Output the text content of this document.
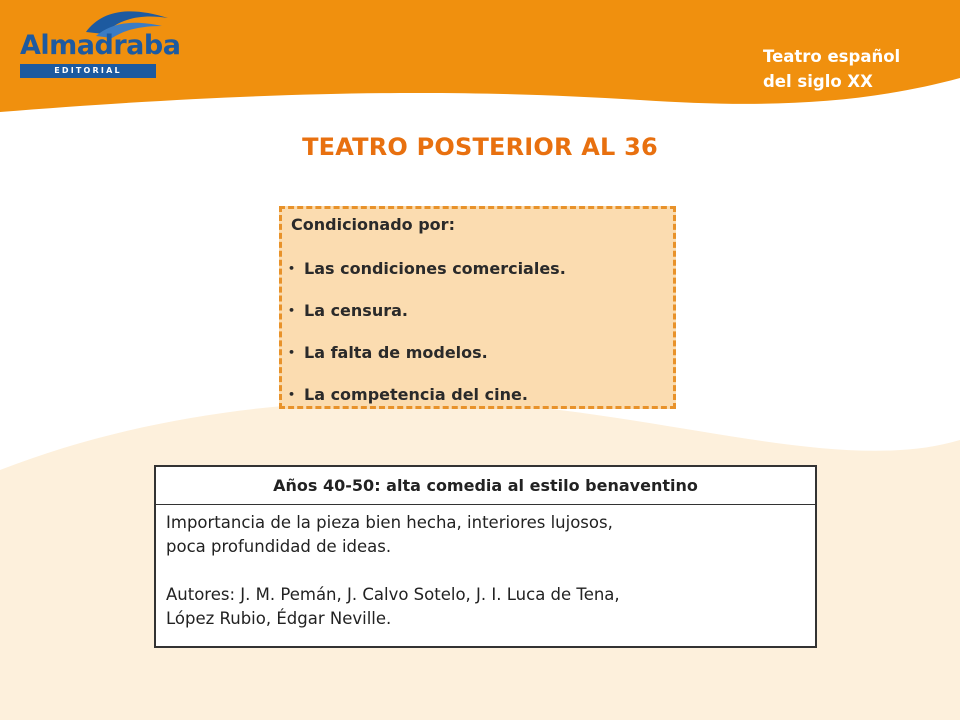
Almadraba
EDITORIAL
Teatro español
del siglo XX
TEATRO POSTERIOR AL 36
Condicionado por:
• Las condiciones comerciales.
• La censura.
• La falta de modelos.
• La competencia del cine.
Años 40-50: alta comedia al estilo benaventino
Importancia de la pieza bien hecha, interiores lujosos,
poca profundidad de ideas.
Autores: J. M. Pemán, J. Calvo Sotelo, J. I. Luca de Tena,
López Rubio, Édgar Neville.
